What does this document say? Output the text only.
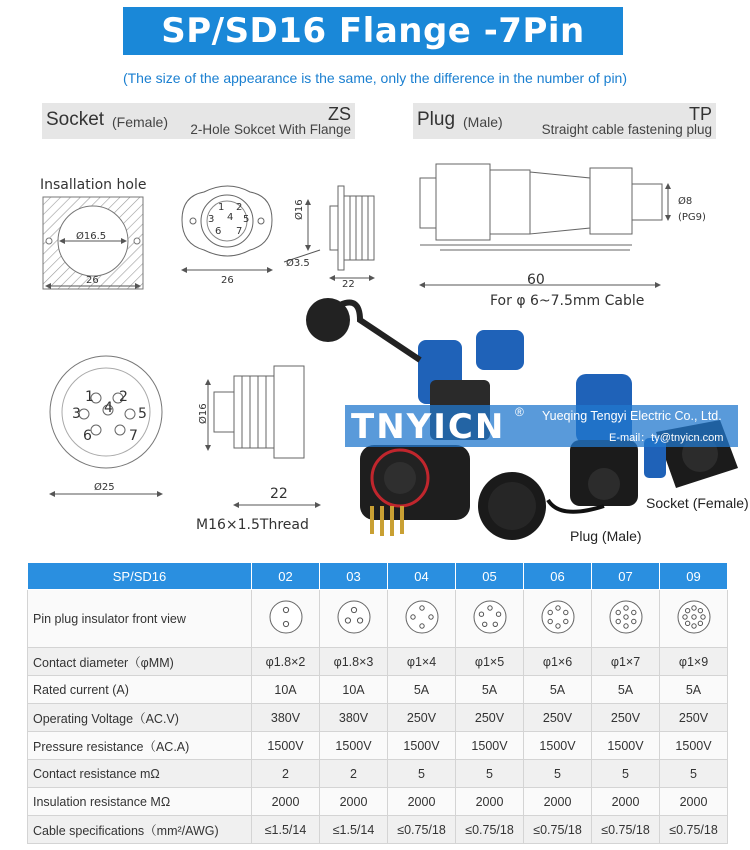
SP/SD16 Flange -7Pin
(The size of the appearance is the same, only the difference in the number of pin)
Socket (Female)	ZS
2-Hole Sokcet With Flange	Plug (Male)	TP
Straight cable fastening plug
Insallation hole
Ø16.5
26	26
Ø3.5
Ø16
22
1 2
3 4 5
6 7
Ø8
(PG9)
60
For φ 6~7.5mm Cable
1 2
3 4 5
6	7
Ø25
Ø16
22
M16×1.5Thread
TNYICN ® Yueqing Tengyi Electric Co., Ltd.
E-mail：ty@tnyicn.com
Socket (Female)
Plug (Male)
SP/SD16	02	03	04	05	06	07	09
Pin plug insulator front view							
Contact diameter（φMM)	φ1.8×2	φ1.8×3	φ1×4	φ1×5	φ1×6	φ1×7	φ1×9
Rated current (A)	10A	10A	5A	5A	5A	5A	5A
Operating Voltage（AC.V)	380V	380V	250V	250V	250V	250V	250V
Pressure resistance（AC.A)	1500V	1500V	1500V	1500V	1500V	1500V	1500V
Contact resistance mΩ	2	2	5	5	5	5	5
Insulation resistance MΩ	2000	2000	2000	2000	2000	2000	2000
Cable specifications（mm²/AWG)	≤1.5/14	≤1.5/14	≤0.75/18	≤0.75/18	≤0.75/18	≤0.75/18	≤0.75/18
